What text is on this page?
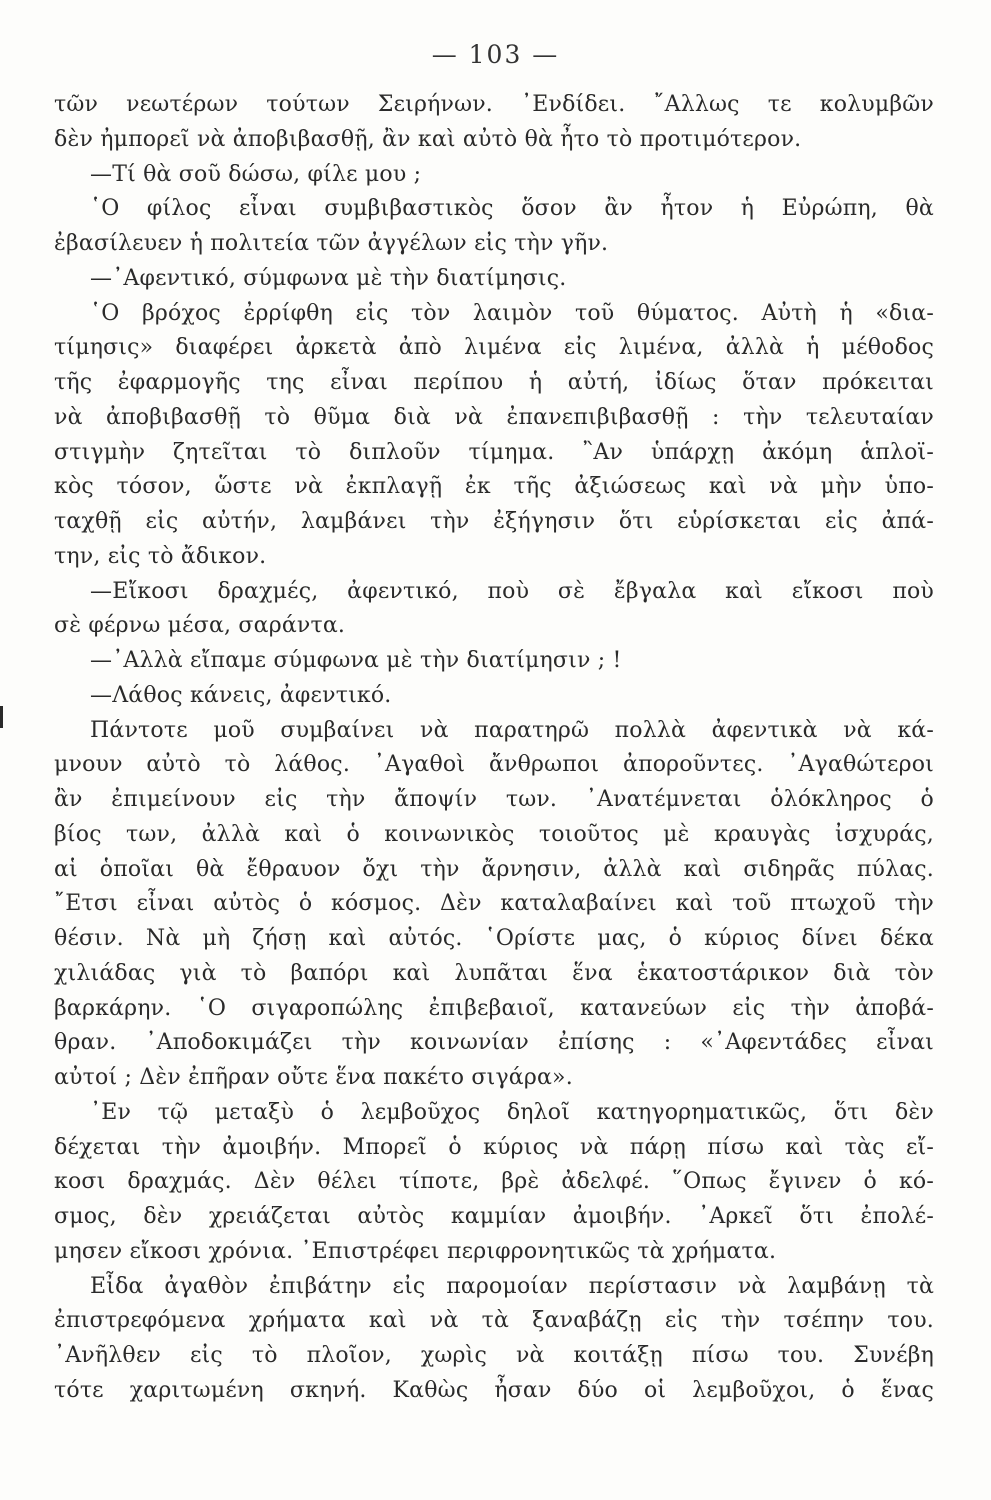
— 103 —
τῶν νεωτέρων τούτων Σειρήνων. ᾿Ενδίδει. ῎Αλλως τε κολυμβῶν
δὲν ἠμπορεῖ νὰ ἀποβιβασθῇ, ἂν καὶ αὐτὸ θὰ ἦτο τὸ προτιμότερον.
—Τί θὰ σοῦ δώσω, φίλε μου ;
῾Ο φίλος εἶναι συμβιβαστικὸς ὅσον ἂν ἦτον ἡ Εὐρώπη, θὰ
ἐβασίλευεν ἡ πολιτεία τῶν ἀγγέλων εἰς τὴν γῆν.
—᾿Αφεντικό, σύμφωνα μὲ τὴν διατίμησις.
῾Ο βρόχος ἐρρίφθη εἰς τὸν λαιμὸν τοῦ θύματος. Αὐτὴ ἡ «δια-
τίμησις» διαφέρει ἀρκετὰ ἀπὸ λιμένα εἰς λιμένα, ἀλλὰ ἡ μέθοδος
τῆς ἐφαρμογῆς της εἶναι περίπου ἡ αὐτή, ἰδίως ὅταν πρόκειται
νὰ ἀποβιβασθῇ τὸ θῦμα διὰ νὰ ἐπανεπιβιβασθῇ : τὴν τελευταίαν
στιγμὴν ζητεῖται τὸ διπλοῦν τίμημα. ῍Αν ὑπάρχῃ ἀκόμη ἁπλοϊ-
κὸς τόσον, ὥστε νὰ ἐκπλαγῇ ἐκ τῆς ἀξιώσεως καὶ νὰ μὴν ὑπο-
ταχθῇ εἰς αὐτήν, λαμβάνει τὴν ἐξήγησιν ὅτι εὑρίσκεται εἰς ἀπά-
την, εἰς τὸ ἄδικον.
—Εἴκοσι δραχμές, ἀφεντικό, ποὺ σὲ ἔβγαλα καὶ εἴκοσι ποὺ
σὲ φέρνω μέσα, σαράντα.
—᾿Αλλὰ εἴπαμε σύμφωνα μὲ τὴν διατίμησιν ; !
—Λάθος κάνεις, ἀφεντικό.
Πάντοτε μοῦ συμβαίνει νὰ παρατηρῶ πολλὰ ἀφεντικὰ νὰ κά-
μνουν αὐτὸ τὸ λάθος. ᾿Αγαθοὶ ἄνθρωποι ἀποροῦντες. ᾿Αγαθώτεροι
ἂν ἐπιμείνουν εἰς τὴν ἄποψίν των. ᾿Ανατέμνεται ὁλόκληρος ὁ
βίος των, ἀλλὰ καὶ ὁ κοινωνικὸς τοιοῦτος μὲ κραυγὰς ἰσχυράς,
αἱ ὁποῖαι θὰ ἔθραυον ὄχι τὴν ἄρνησιν, ἀλλὰ καὶ σιδηρᾶς πύλας.
῎Ετσι εἶναι αὐτὸς ὁ κόσμος. Δὲν καταλαβαίνει καὶ τοῦ πτωχοῦ τὴν
θέσιν. Νὰ μὴ ζήσῃ καὶ αὐτός. ῾Ορίστε μας, ὁ κύριος δίνει δέκα
χιλιάδας γιὰ τὸ βαπόρι καὶ λυπᾶται ἕνα ἑκατοστάρικον διὰ τὸν
βαρκάρην. ῾Ο σιγαροπώλης ἐπιβεβαιοῖ, κατανεύων εἰς τὴν ἀποβά-
θραν. ᾿Αποδοκιμάζει τὴν κοινωνίαν ἐπίσης : «᾿Αφεντάδες εἶναι
αὐτοί ; Δὲν ἐπῆραν οὔτε ἕνα πακέτο σιγάρα».
᾿Εν τῷ μεταξὺ ὁ λεμβοῦχος δηλοῖ κατηγορηματικῶς, ὅτι δὲν
δέχεται τὴν ἀμοιβήν. Μπορεῖ ὁ κύριος νὰ πάρῃ πίσω καὶ τὰς εἴ-
κοσι δραχμάς. Δὲν θέλει τίποτε, βρὲ ἀδελφέ. ῞Οπως ἔγινεν ὁ κό-
σμος, δὲν χρειάζεται αὐτὸς καμμίαν ἀμοιβήν. ᾿Αρκεῖ ὅτι ἐπολέ-
μησεν εἴκοσι χρόνια. ᾿Επιστρέφει περιφρονητικῶς τὰ χρήματα.
Εἶδα ἀγαθὸν ἐπιβάτην εἰς παρομοίαν περίστασιν νὰ λαμβάνῃ τὰ
ἐπιστρεφόμενα χρήματα καὶ νὰ τὰ ξαναβάζῃ εἰς τὴν τσέπην του.
᾿Ανῆλθεν εἰς τὸ πλοῖον, χωρὶς νὰ κοιτάξῃ πίσω του. Συνέβη
τότε χαριτωμένη σκηνή. Καθὼς ἦσαν δύο οἱ λεμβοῦχοι, ὁ ἕνας
